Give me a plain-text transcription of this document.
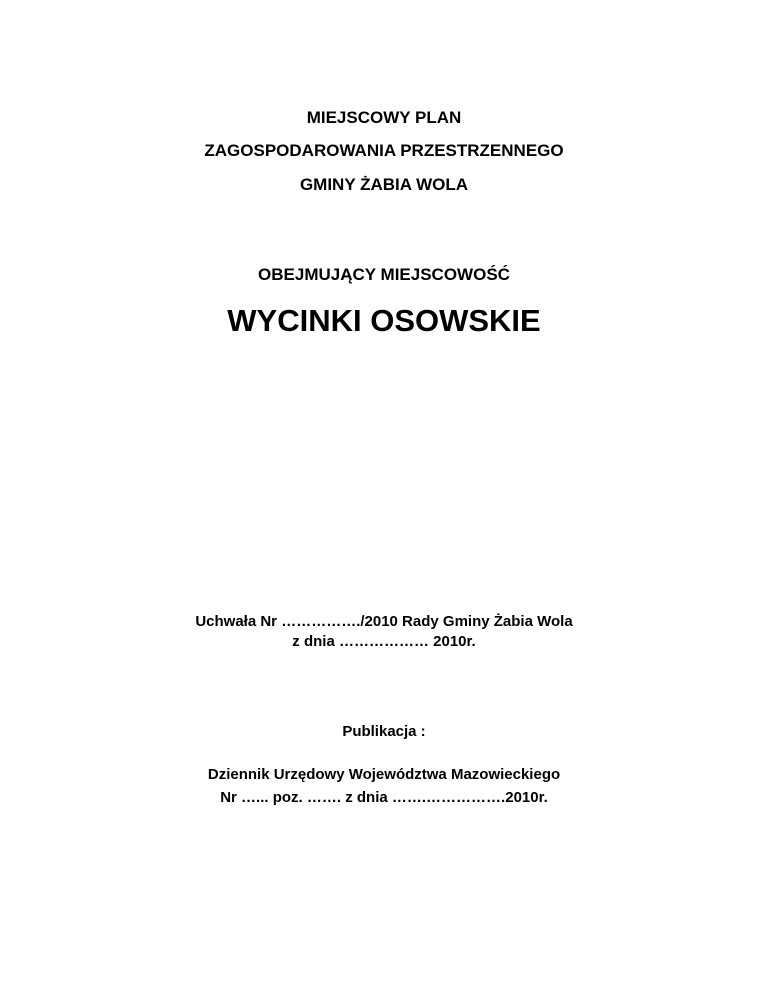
MIEJSCOWY PLAN

ZAGOSPODAROWANIA PRZESTRZENNEGO

GMINY ŻABIA WOLA

OBEJMUJĄCY MIEJSCOWOŚĆ

WYCINKI OSOWSKIE

Uchwała Nr ……………./2010 Rady Gminy Żabia Wola

z dnia ……………… 2010r.

Publikacja :

Dziennik Urzędowy Województwa Mazowieckiego

Nr …... poz. ……. z dnia …….…………….2010r.
